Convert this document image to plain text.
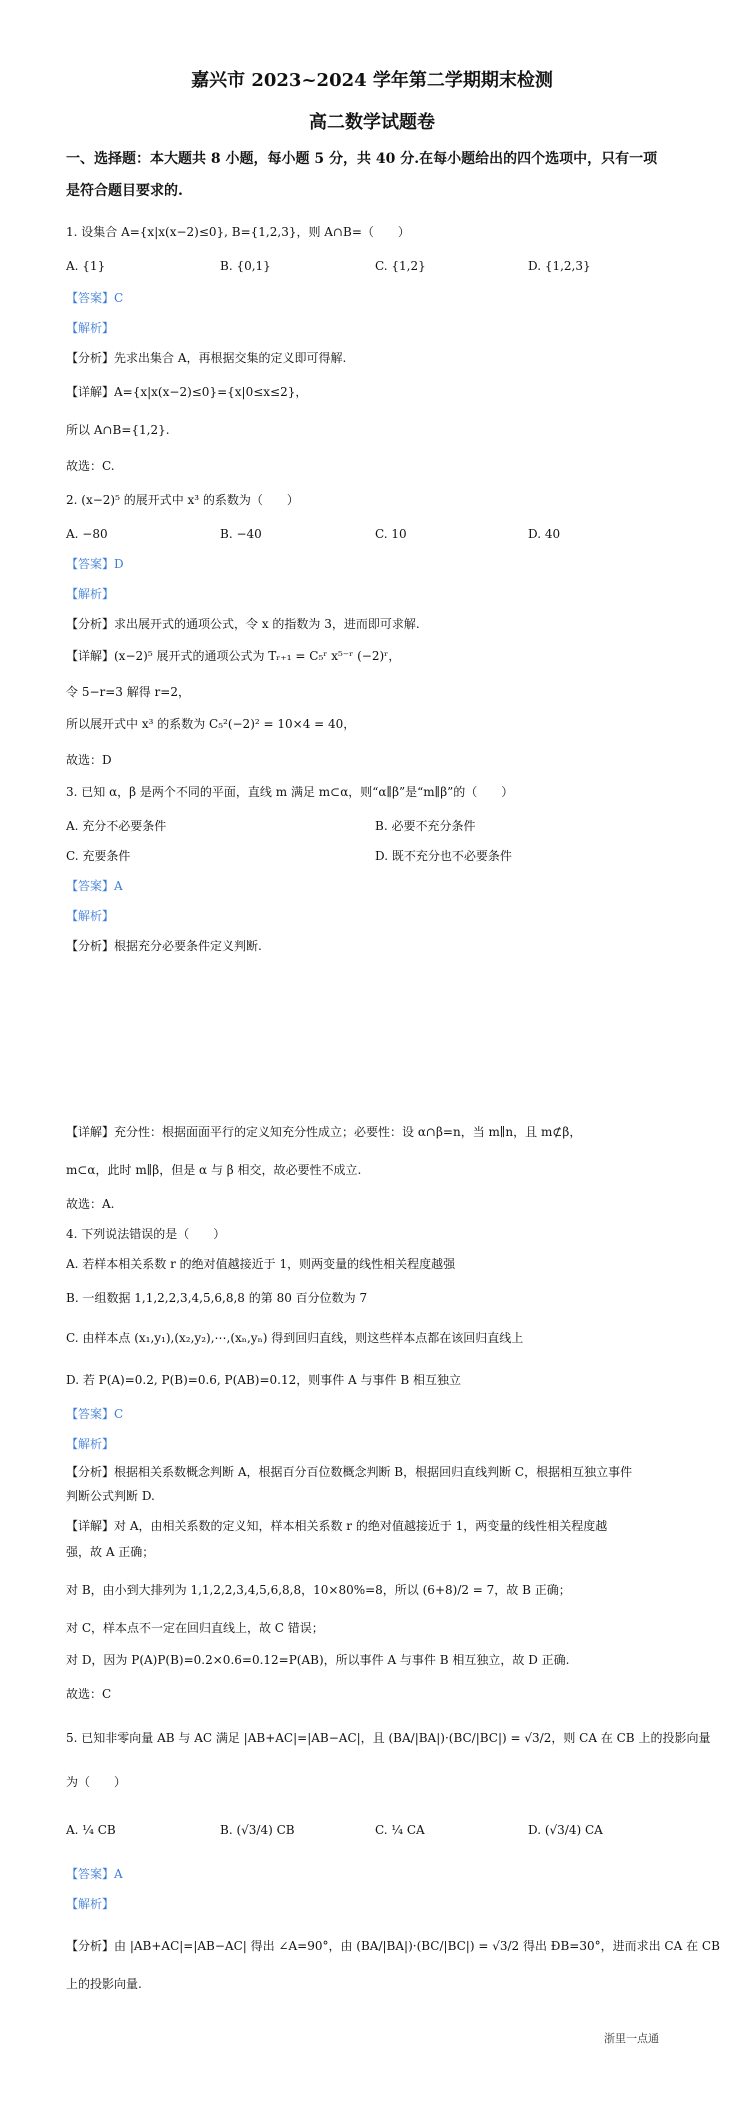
嘉兴市 2023~2024 学年第二学期期末检测
高二数学试题卷
一、选择题：本大题共 8 小题，每小题 5 分，共 40 分.在每小题给出的四个选项中，只有一项
是符合题目要求的.
1. 设集合 A={x|x(x−2)≤0}, B={1,2,3}，则 A∩B=（　　）
A. {1}	B. {0,1}	C. {1,2}	D. {1,2,3}
【答案】C
【解析】
【分析】先求出集合 A，再根据交集的定义即可得解.
【详解】A={x|x(x−2)≤0}={x|0≤x≤2}，
所以 A∩B={1,2}.
故选：C.
2. (x−2)⁵ 的展开式中 x³ 的系数为（　　）
A. −80	B. −40	C. 10	D. 40
【答案】D
【解析】
【分析】求出展开式的通项公式，令 x 的指数为 3，进而即可求解.
【详解】(x−2)⁵ 展开式的通项公式为 Tᵣ₊₁ = C₅ʳ x⁵⁻ʳ (−2)ʳ，
令 5−r=3 解得 r=2，
所以展开式中 x³ 的系数为 C₅²(−2)² = 10×4 = 40，
故选：D
3. 已知 α，β 是两个不同的平面，直线 m 满足 m⊂α，则“α∥β”是“m∥β”的（　　）
A. 充分不必要条件	B. 必要不充分条件
C. 充要条件	D. 既不充分也不必要条件
【答案】A
【解析】
【分析】根据充分必要条件定义判断.
【详解】充分性：根据面面平行的定义知充分性成立；必要性：设 α∩β=n，当 m∥n，且 m⊄β，
m⊂α，此时 m∥β，但是 α 与 β 相交，故必要性不成立.
故选：A.
4. 下列说法错误的是（　　）
A. 若样本相关系数 r 的绝对值越接近于 1，则两变量的线性相关程度越强
B. 一组数据 1,1,2,2,3,4,5,6,8,8 的第 80 百分位数为 7
C. 由样本点 (x₁,y₁),(x₂,y₂),⋯,(xₙ,yₙ) 得到回归直线，则这些样本点都在该回归直线上
D. 若 P(A)=0.2, P(B)=0.6, P(AB)=0.12，则事件 A 与事件 B 相互独立
【答案】C
【解析】
【分析】根据相关系数概念判断 A，根据百分百位数概念判断 B，根据回归直线判断 C，根据相互独立事件
判断公式判断 D.
【详解】对 A，由相关系数的定义知，样本相关系数 r 的绝对值越接近于 1，两变量的线性相关程度越
强，故 A 正确；
对 B，由小到大排列为 1,1,2,2,3,4,5,6,8,8，10×80%=8，所以 (6+8)/2 = 7，故 B 正确；
对 C，样本点不一定在回归直线上，故 C 错误；
对 D，因为 P(A)P(B)=0.2×0.6=0.12=P(AB)，所以事件 A 与事件 B 相互独立，故 D 正确.
故选：C
5. 已知非零向量 AB 与 AC 满足 |AB+AC|=|AB−AC|，且 (BA/|BA|)·(BC/|BC|) = √3/2，则 CA 在 CB 上的投影向量
为（　　）
A. ¼ CB	B. (√3/4) CB	C. ¼ CA	D. (√3/4) CA
【答案】A
【解析】
【分析】由 |AB+AC|=|AB−AC| 得出 ∠A=90°，由 (BA/|BA|)·(BC/|BC|) = √3/2 得出 ÐB=30°，进而求出 CA 在 CB
上的投影向量.
浙里一点通
